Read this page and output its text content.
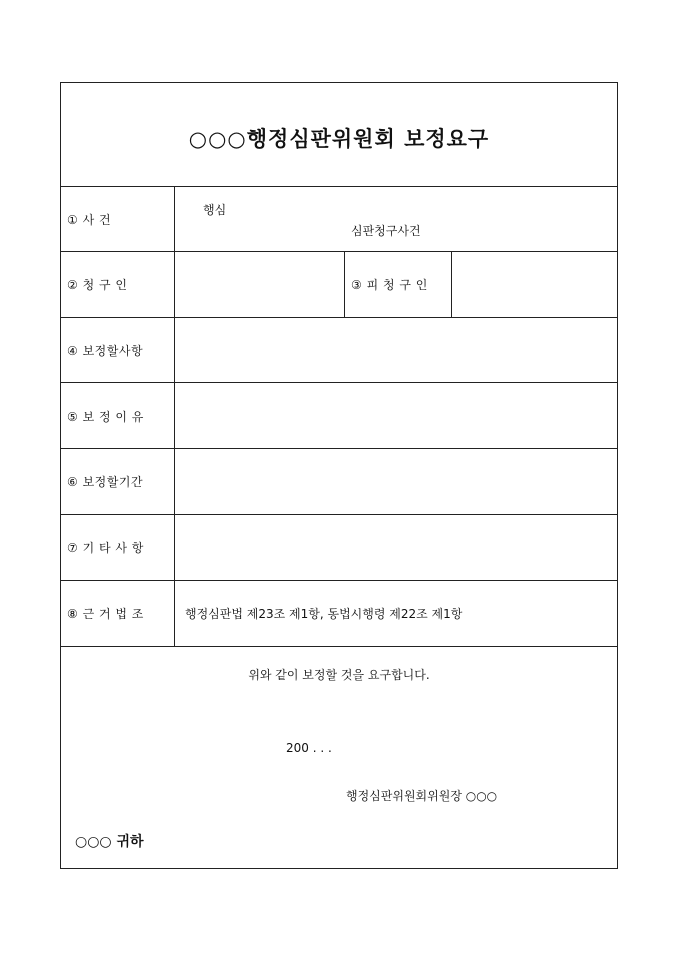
○○○행정심판위원회 보정요구
① 사 건
행심
심판청구사건
② 청 구 인	③ 피 청 구 인
④ 보정할사항
⑤ 보 정 이 유
⑥ 보정할기간
⑦ 기 타 사 항
⑧ 근 거 법 조	행정심판법 제23조 제1항, 동법시행령 제22조 제1항
위와 같이 보정할 것을 요구합니다.
200 . . .
행정심판위원회위원장 ○○○
○○○ 귀하
